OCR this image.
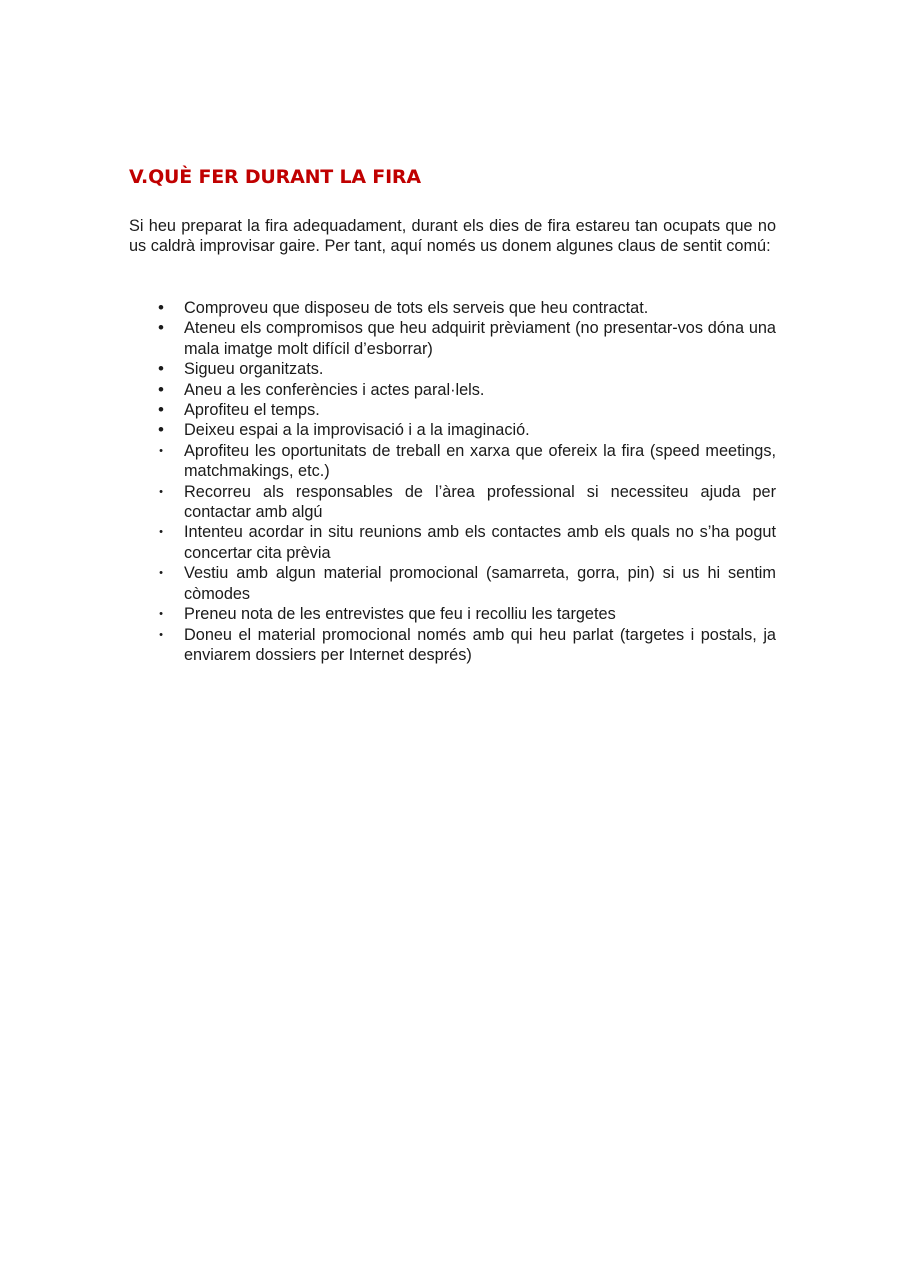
V.QUÈ FER DURANT LA FIRA

Si heu preparat la fira adequadament, durant els dies de fira estareu tan ocupats que no us caldrà improvisar gaire. Per tant, aquí només us donem algunes claus de sentit comú:

• Comproveu que disposeu de tots els serveis que heu contractat.
• Ateneu els compromisos que heu adquirit prèviament (no presentar-vos dóna una mala imatge molt difícil d’esborrar)
• Sigueu organitzats.
• Aneu a les conferències i actes paral·lels.
• Aprofiteu el temps.
• Deixeu espai a la improvisació i a la imaginació.
• Aprofiteu les oportunitats de treball en xarxa que ofereix la fira (speed meetings, matchmakings, etc.)
• Recorreu als responsables de l’àrea professional si necessiteu ajuda per contactar amb algú
• Intenteu acordar in situ reunions amb els contactes amb els quals no s’ha pogut concertar cita prèvia
• Vestiu amb algun material promocional (samarreta, gorra, pin) si us hi sentim còmodes
• Preneu nota de les entrevistes que feu i recolliu les targetes
• Doneu el material promocional només amb qui heu parlat (targetes i postals, ja enviarem dossiers per Internet després)
